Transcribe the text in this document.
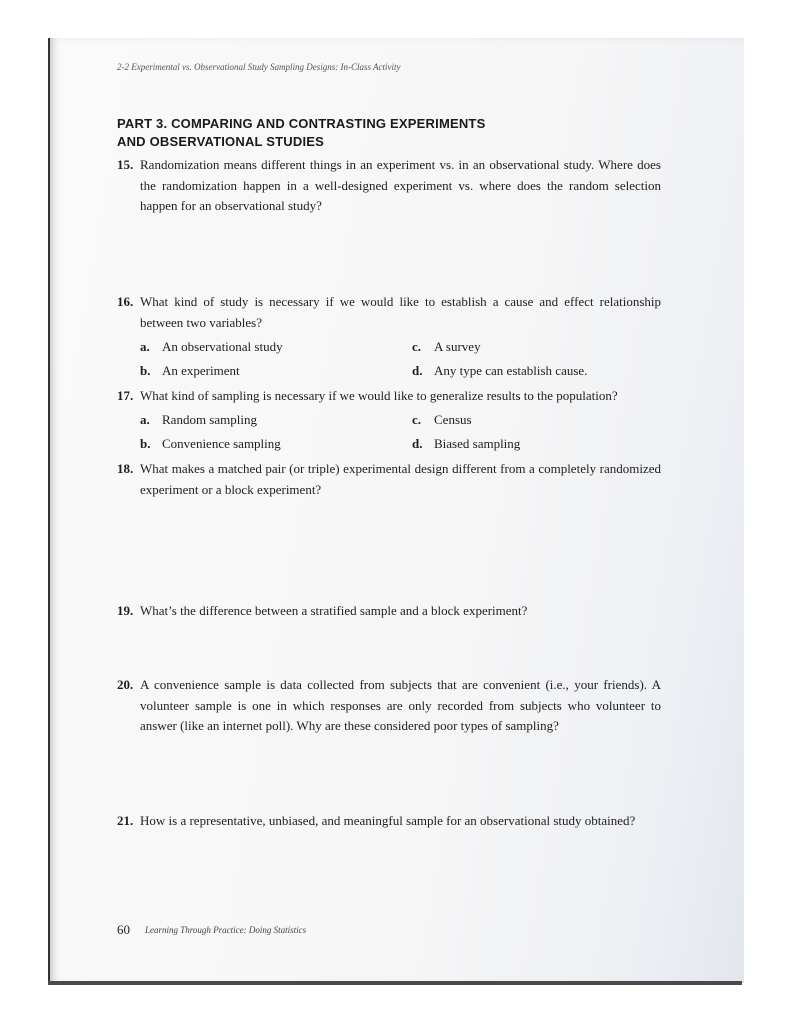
2-2 Experimental vs. Observational Study Sampling Designs: In-Class Activity
PART 3. COMPARING AND CONTRASTING EXPERIMENTS
AND OBSERVATIONAL STUDIES
15. Randomization means different things in an experiment vs. in an observational study. Where does the randomization happen in a well-designed experiment vs. where does the random selection happen for an observational study?
16. What kind of study is necessary if we would like to establish a cause and effect relationship between two variables?
a. An observational study
b. An experiment
c. A survey
d. Any type can establish cause.
17. What kind of sampling is necessary if we would like to generalize results to the population?
a. Random sampling
b. Convenience sampling
c. Census
d. Biased sampling
18. What makes a matched pair (or triple) experimental design different from a completely randomized experiment or a block experiment?
19. What’s the difference between a stratified sample and a block experiment?
20. A convenience sample is data collected from subjects that are convenient (i.e., your friends). A volunteer sample is one in which responses are only recorded from subjects who volunteer to answer (like an internet poll). Why are these considered poor types of sampling?
21. How is a representative, unbiased, and meaningful sample for an observational study obtained?
60 Learning Through Practice: Doing Statistics
